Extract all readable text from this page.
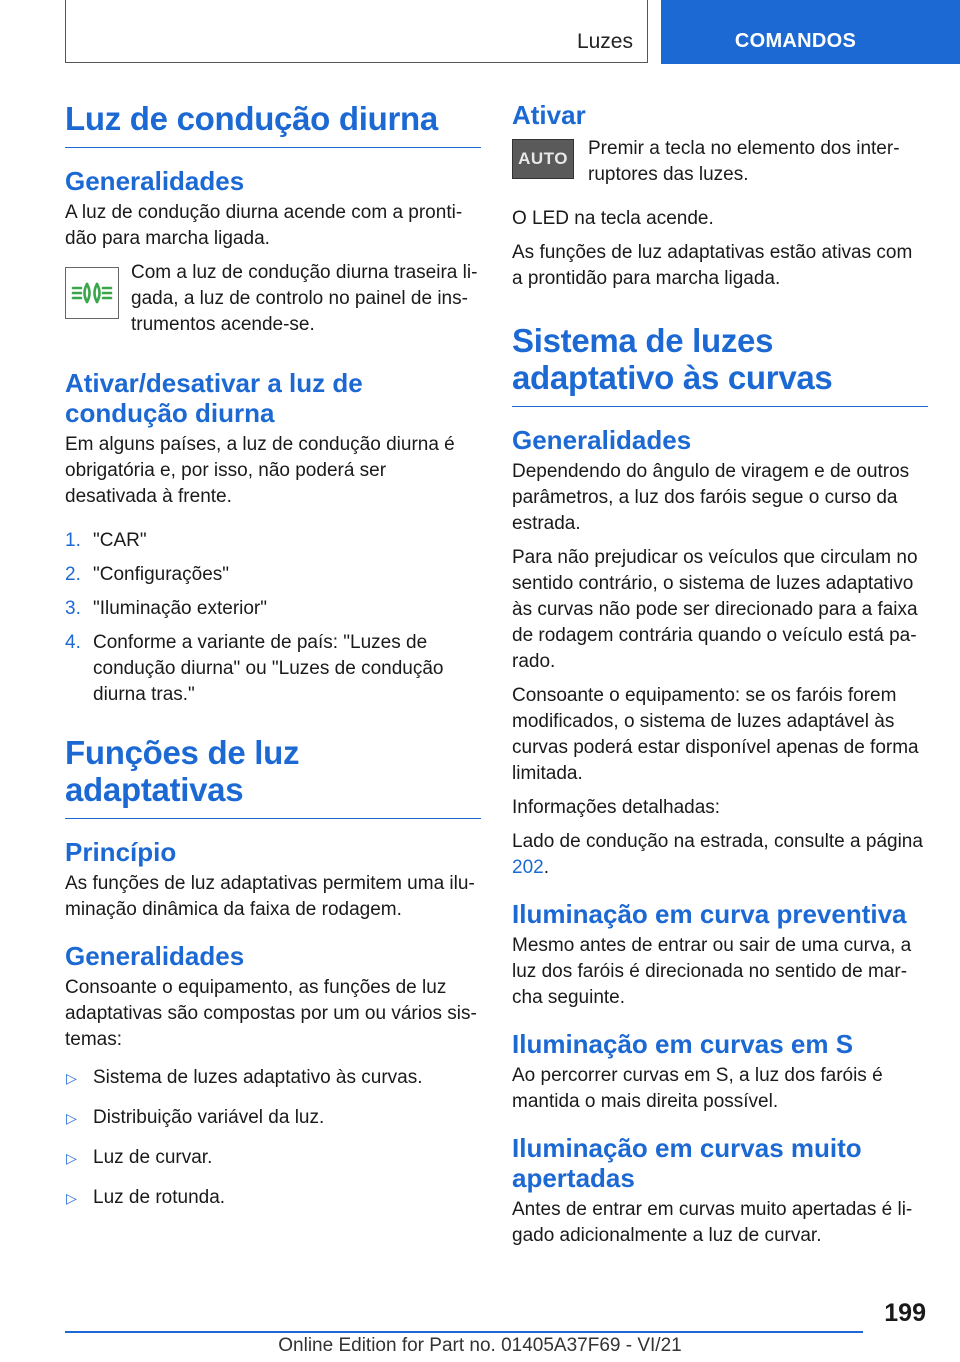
Luzes	COMANDOS
Luz de condução diurna
Generalidades

A luz de condução diurna acende com a prontidão para marcha ligada.

Com a luz de condução diurna traseira ligada, a luz de controlo no painel de instrumentos acende-se.

Ativar/desativar a luz de condução diurna

Em alguns países, a luz de condução diurna é obrigatória e, por isso, não poderá ser desativada à frente.

1. "CAR"
2. "Configurações"
3. "Iluminação exterior"
4. Conforme a variante de país: "Luzes de condução diurna" ou "Luzes de condução diurna tras."
Funções de luz adaptativas
Princípio

As funções de luz adaptativas permitem uma iluminação dinâmica da faixa de rodagem.

Generalidades

Consoante o equipamento, as funções de luz adaptativas são compostas por um ou vários sistemas:

▷ Sistema de luzes adaptativo às curvas.
▷ Distribuição variável da luz.
▷ Luz de curvar.
▷ Luz de rotunda.
Ativar
AUTO Premir a tecla no elemento dos interruptores das luzes.

O LED na tecla acende.

As funções de luz adaptativas estão ativas com a prontidão para marcha ligada.

Sistema de luzes adaptativo às curvas
Generalidades

Dependendo do ângulo de viragem e de outros parâmetros, a luz dos faróis segue o curso da estrada.

Para não prejudicar os veículos que circulam no sentido contrário, o sistema de luzes adaptativo às curvas não pode ser direcionado para a faixa de rodagem contrária quando o veículo está parado.

Consoante o equipamento: se os faróis forem modificados, o sistema de luzes adaptável às curvas poderá estar disponível apenas de forma limitada.

Informações detalhadas:

Lado de condução na estrada, consulte a página 202.

Iluminação em curva preventiva

Mesmo antes de entrar ou sair de uma curva, a luz dos faróis é direcionada no sentido de marcha seguinte.

Iluminação em curvas em S

Ao percorrer curvas em S, a luz dos faróis é mantida o mais direita possível.

Iluminação em curvas muito apertadas

Antes de entrar em curvas muito apertadas é ligado adicionalmente a luz de curvar.

199
Online Edition for Part no. 01405A37F69 - VI/21
